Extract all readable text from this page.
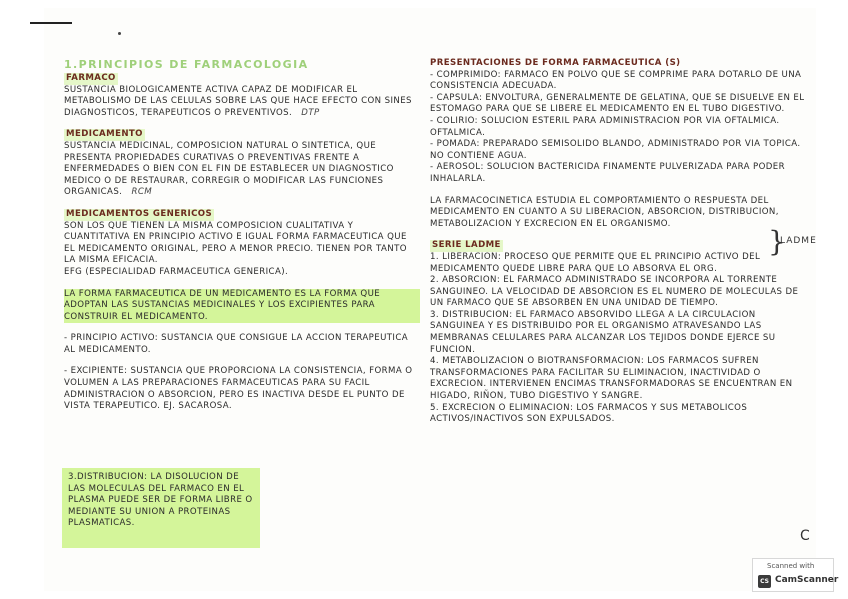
1.PRINCIPIOS DE FARMACOLOGIA
FARMACO
SUSTANCIA BIOLOGICAMENTE ACTIVA CAPAZ DE MODIFICAR EL METABOLISMO DE LAS CELULAS SOBRE LAS QUE HACE EFECTO CON SINES DIAGNOSTICOS, TERAPEUTICOS O PREVENTIVOS. DTP
MEDICAMENTO
SUSTANCIA MEDICINAL, COMPOSICION NATURAL O SINTETICA, QUE PRESENTA PROPIEDADES CURATIVAS O PREVENTIVAS FRENTE A ENFERMEDADES O BIEN CON EL FIN DE ESTABLECER UN DIAGNOSTICO MEDICO O DE RESTAURAR, CORREGIR O MODIFICAR LAS FUNCIONES ORGANICAS. RCM
MEDICAMENTOS GENERICOS
SON LOS QUE TIENEN LA MISMA COMPOSICION CUALITATIVA Y CUANTITATIVA EN PRINCIPIO ACTIVO E IGUAL FORMA FARMACEUTICA QUE EL MEDICAMENTO ORIGINAL, PERO A MENOR PRECIO. TIENEN POR TANTO LA MISMA EFICACIA.
EFG (ESPECIALIDAD FARMACEUTICA GENERICA).
LA FORMA FARMACEUTICA DE UN MEDICAMENTO ES LA FORMA QUE ADOPTAN LAS SUSTANCIAS MEDICINALES Y LOS EXCIPIENTES PARA CONSTRUIR EL MEDICAMENTO.
- PRINCIPIO ACTIVO: SUSTANCIA QUE CONSIGUE LA ACCION TERAPEUTICA AL MEDICAMENTO.
- EXCIPIENTE: SUSTANCIA QUE PROPORCIONA LA CONSISTENCIA, FORMA O VOLUMEN A LAS PREPARACIONES FARMACEUTICAS PARA SU FACIL ADMINISTRACION O ABSORCION, PERO ES INACTIVA DESDE EL PUNTO DE VISTA TERAPEUTICO. EJ. SACAROSA.
3.DISTRIBUCION: LA DISOLUCION DE LAS MOLECULAS DEL FARMACO EN EL PLASMA PUEDE SER DE FORMA LIBRE O MEDIANTE SU UNION A PROTEINAS PLASMATICAS.
PRESENTACIONES DE FORMA FARMACEUTICA (S)
- COMPRIMIDO: FARMACO EN POLVO QUE SE COMPRIME PARA DOTARLO DE UNA CONSISTENCIA ADECUADA.
- CAPSULA: ENVOLTURA, GENERALMENTE DE GELATINA, QUE SE DISUELVE EN EL ESTOMAGO PARA QUE SE LIBERE EL MEDICAMENTO EN EL TUBO DIGESTIVO.
- COLIRIO: SOLUCION ESTERIL PARA ADMINISTRACION POR VIA OFTALMICA. OFTALMICA.
- POMADA: PREPARADO SEMISOLIDO BLANDO, ADMINISTRADO POR VIA TOPICA. NO CONTIENE AGUA.
- AEROSOL: SOLUCION BACTERICIDA FINAMENTE PULVERIZADA PARA PODER INHALARLA.
LA FARMACOCINETICA ESTUDIA EL COMPORTAMIENTO O RESPUESTA DEL MEDICAMENTO EN CUANTO A SU LIBERACION, ABSORCION, DISTRIBUCION, METABOLIZACION Y EXCRECION EN EL ORGANISMO.
SERIE LADME
1. LIBERACION: PROCESO QUE PERMITE QUE EL PRINCIPIO ACTIVO DEL MEDICAMENTO QUEDE LIBRE PARA QUE LO ABSORVA EL ORG.
2. ABSORCION: EL FARMACO ADMINISTRADO SE INCORPORA AL TORRENTE SANGUINEO. LA VELOCIDAD DE ABSORCION ES EL NUMERO DE MOLECULAS DE UN FARMACO QUE SE ABSORBEN EN UNA UNIDAD DE TIEMPO.
3. DISTRIBUCION: EL FARMACO ABSORVIDO LLEGA A LA CIRCULACION SANGUINEA Y ES DISTRIBUIDO POR EL ORGANISMO ATRAVESANDO LAS MEMBRANAS CELULARES PARA ALCANZAR LOS TEJIDOS DONDE EJERCE SU FUNCION.
4. METABOLIZACION O BIOTRANSFORMACION: LOS FARMACOS SUFREN TRANSFORMACIONES PARA FACILITAR SU ELIMINACION, INACTIVIDAD O EXCRECION. INTERVIENEN ENCIMAS TRANSFORMADORAS SE ENCUENTRAN EN HIGADO, RIÑON, TUBO DIGESTIVO Y SANGRE.
5. EXCRECION O ELIMINACION: LOS FARMACOS Y SUS METABOLICOS ACTIVOS/INACTIVOS SON EXPULSADOS.
}
LADME
C
Scanned with
CS CamScanner
